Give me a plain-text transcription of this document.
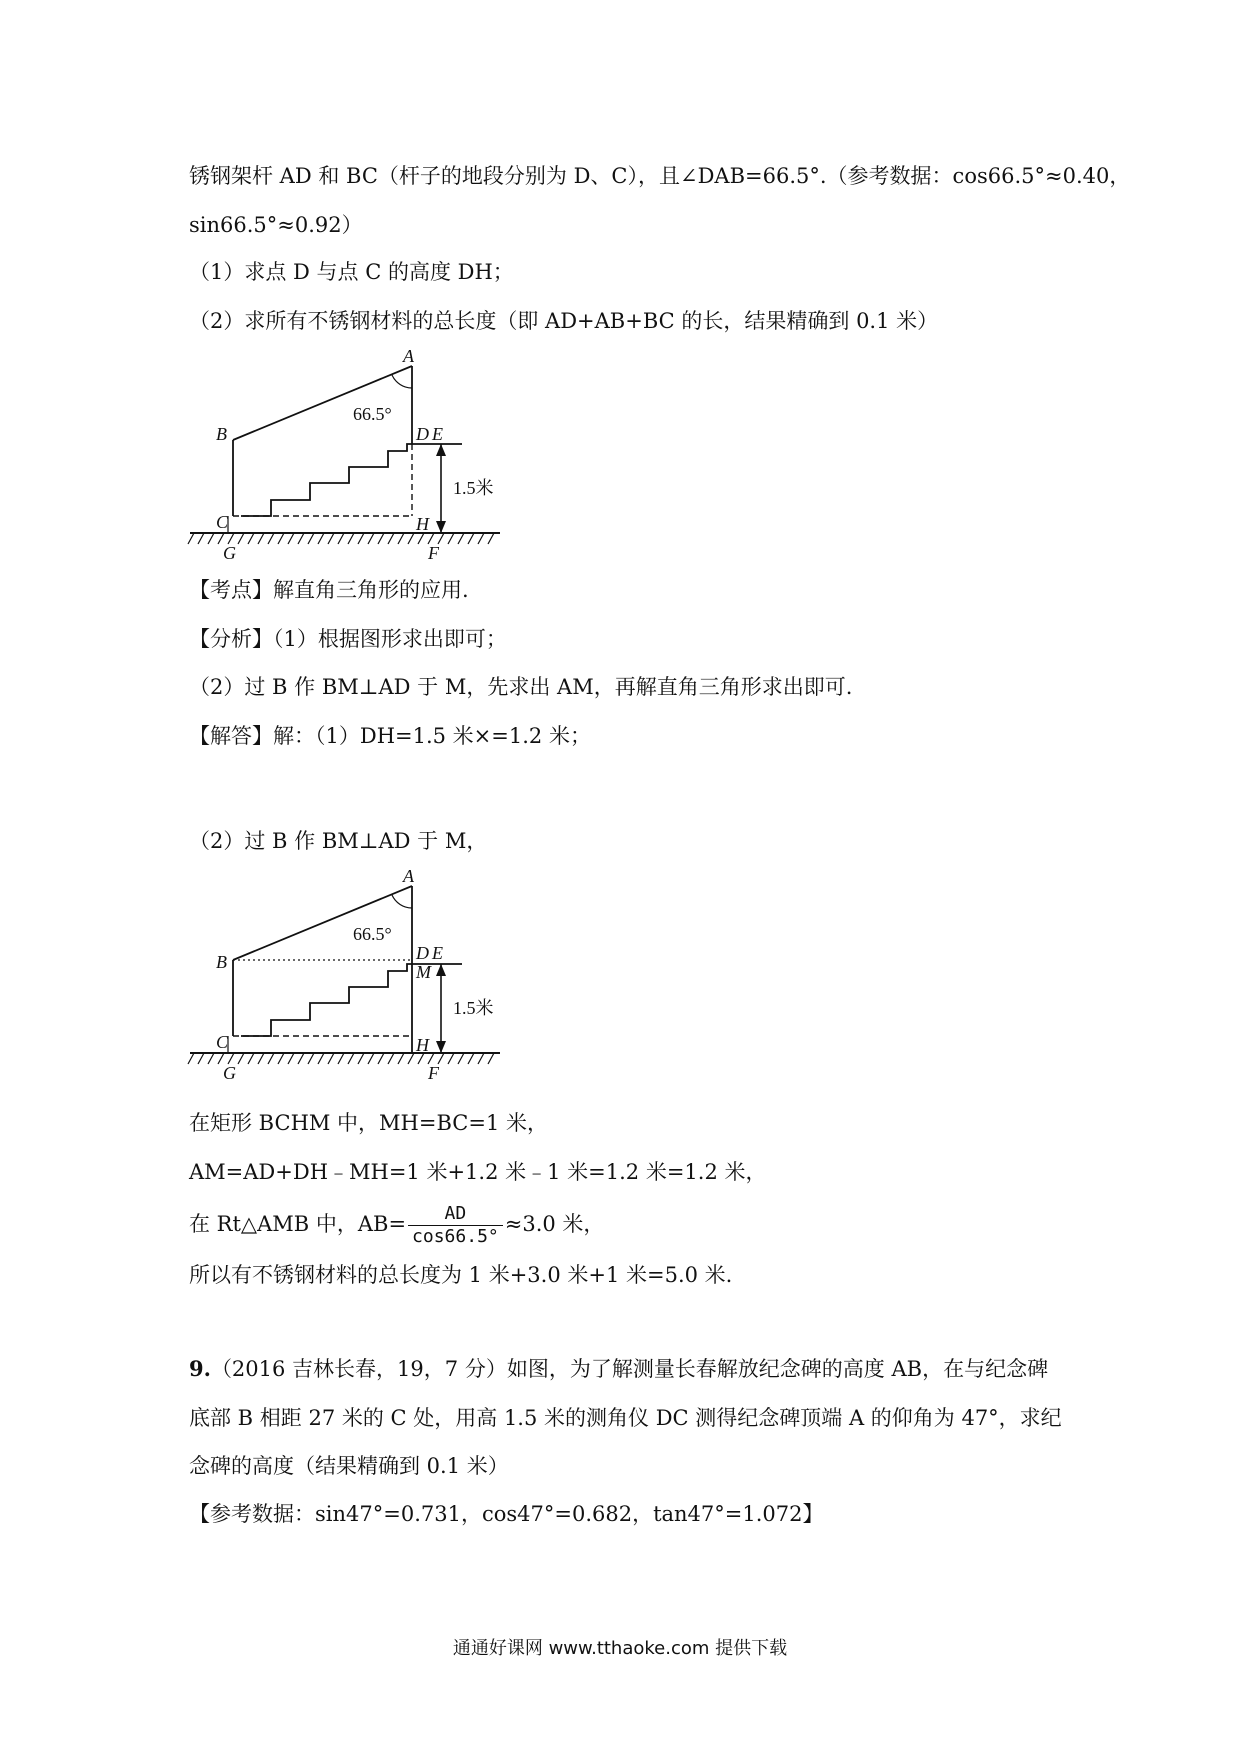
锈钢架杆 AD 和 BC（杆子的地段分别为 D、C），且∠DAB=66.5°.（参考数据：cos66.5°≈0.40，
sin66.5°≈0.92）
（1）求点 D 与点 C 的高度 DH；
（2）求所有不锈钢材料的总长度（即 AD+AB+BC 的长，结果精确到 0.1 米）
A
B
C
D E
F
G
H
66.5°
1.5米
【考点】解直角三角形的应用.
【分析】（1）根据图形求出即可；
（2）过 B 作 BM⊥AD 于 M，先求出 AM，再解直角三角形求出即可.
【解答】解：（1）DH=1.5 米×=1.2 米；
（2）过 B 作 BM⊥AD 于 M，
A
B
C
D E
M
F
G
H
66.5°
1.5米
在矩形 BCHM 中，MH=BC=1 米，
AM=AD+DH﹣MH=1 米+1.2 米﹣1 米=1.2 米=1.2 米，
在 Rt△AMB 中，$AB= \frac{AD}{\cos 66.5^\circ} \approx 3.0$ 米，
所以有不锈钢材料的总长度为 1 米+3.0 米+1 米=5.0 米.
9.（2016 吉林长春，19，7 分）如图，为了解测量长春解放纪念碑的高度 AB，在与纪念碑
底部 B 相距 27 米的 C 处，用高 1.5 米的测角仪 DC 测得纪念碑顶端 A 的仰角为 47°，求纪
念碑的高度（结果精确到 0.1 米）
【参考数据：sin47°=0.731，cos47°=0.682，tan47°=1.072】
通通好课网 www.tthaoke.com 提供下载
